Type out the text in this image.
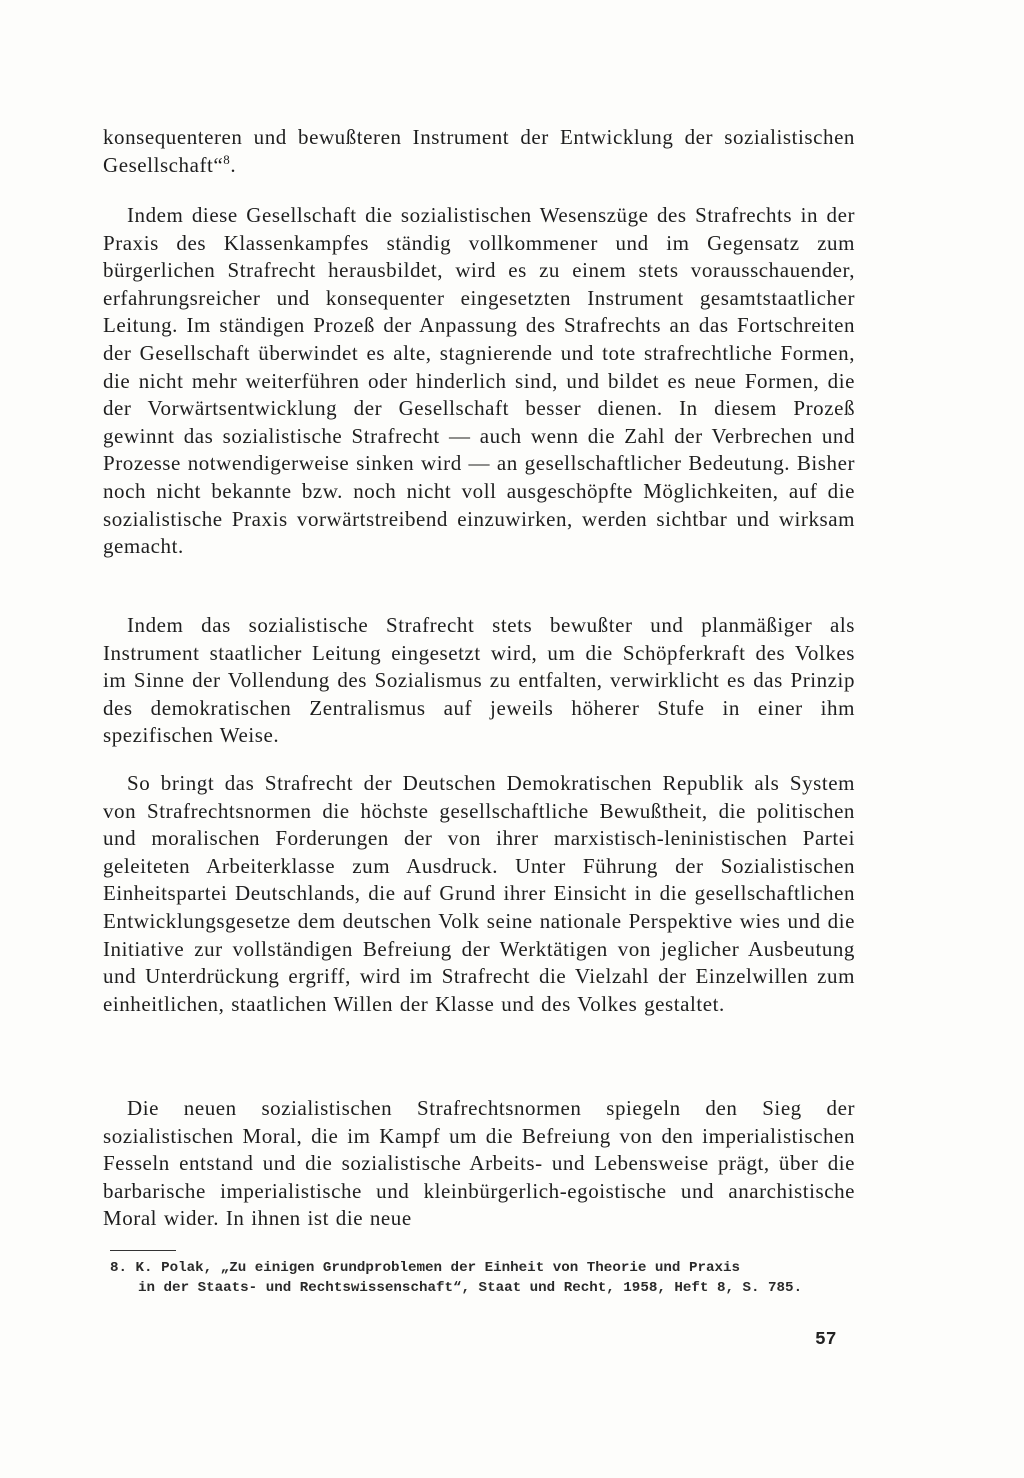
konsequenteren und bewußteren Instrument der Entwicklung der sozialistischen Gesellschaft“$^8$.

Indem diese Gesellschaft die sozialistischen Wesenszüge des Strafrechts in der Praxis des Klassenkampfes ständig vollkommener und im Gegensatz zum bürgerlichen Strafrecht herausbildet, wird es zu einem stets vorausschauender, erfahrungsreicher und konsequenter eingesetzten Instrument gesamtstaatlicher Leitung. Im ständigen Prozeß der Anpassung des Strafrechts an das Fortschreiten der Gesellschaft überwindet es alte, stagnierende und tote strafrechtliche Formen, die nicht mehr weiterführen oder hinderlich sind, und bildet es neue Formen, die der Vorwärtsentwicklung der Gesellschaft besser dienen. In diesem Prozeß gewinnt das sozialistische Strafrecht — auch wenn die Zahl der Verbrechen und Prozesse notwendigerweise sinken wird — an gesellschaftlicher Bedeutung. Bisher noch nicht bekannte bzw. noch nicht voll ausgeschöpfte Möglichkeiten, auf die sozialistische Praxis vorwärtstreibend einzuwirken, werden sichtbar und wirksam gemacht.

Indem das sozialistische Strafrecht stets bewußter und planmäßiger als Instrument staatlicher Leitung eingesetzt wird, um die Schöpferkraft des Volkes im Sinne der Vollendung des Sozialismus zu entfalten, verwirklicht es das Prinzip des demokratischen Zentralismus auf jeweils höherer Stufe in einer ihm spezifischen Weise.

So bringt das Strafrecht der Deutschen Demokratischen Republik als System von Strafrechtsnormen die höchste gesellschaftliche Bewußtheit, die politischen und moralischen Forderungen der von ihrer marxistisch-leninistischen Partei geleiteten Arbeiterklasse zum Ausdruck. Unter Führung der Sozialistischen Einheitspartei Deutschlands, die auf Grund ihrer Einsicht in die gesellschaftlichen Entwicklungsgesetze dem deutschen Volk seine nationale Perspektive wies und die Initiative zur vollständigen Befreiung der Werktätigen von jeglicher Ausbeutung und Unterdrückung ergriff, wird im Strafrecht die Vielzahl der Einzelwillen zum einheitlichen, staatlichen Willen der Klasse und des Volkes gestaltet.

Die neuen sozialistischen Strafrechtsnormen spiegeln den Sieg der sozialistischen Moral, die im Kampf um die Befreiung von den imperialistischen Fesseln entstand und die sozialistische Arbeits- und Lebensweise prägt, über die barbarische imperialistische und kleinbürgerlich-egoistische und anarchistische Moral wider. In ihnen ist die neue

8. K. Polak, „Zu einigen Grundproblemen der Einheit von Theorie und Praxis
in der Staats- und Rechtswissenschaft“, Staat und Recht, 1958, Heft 8, S. 785.

57
